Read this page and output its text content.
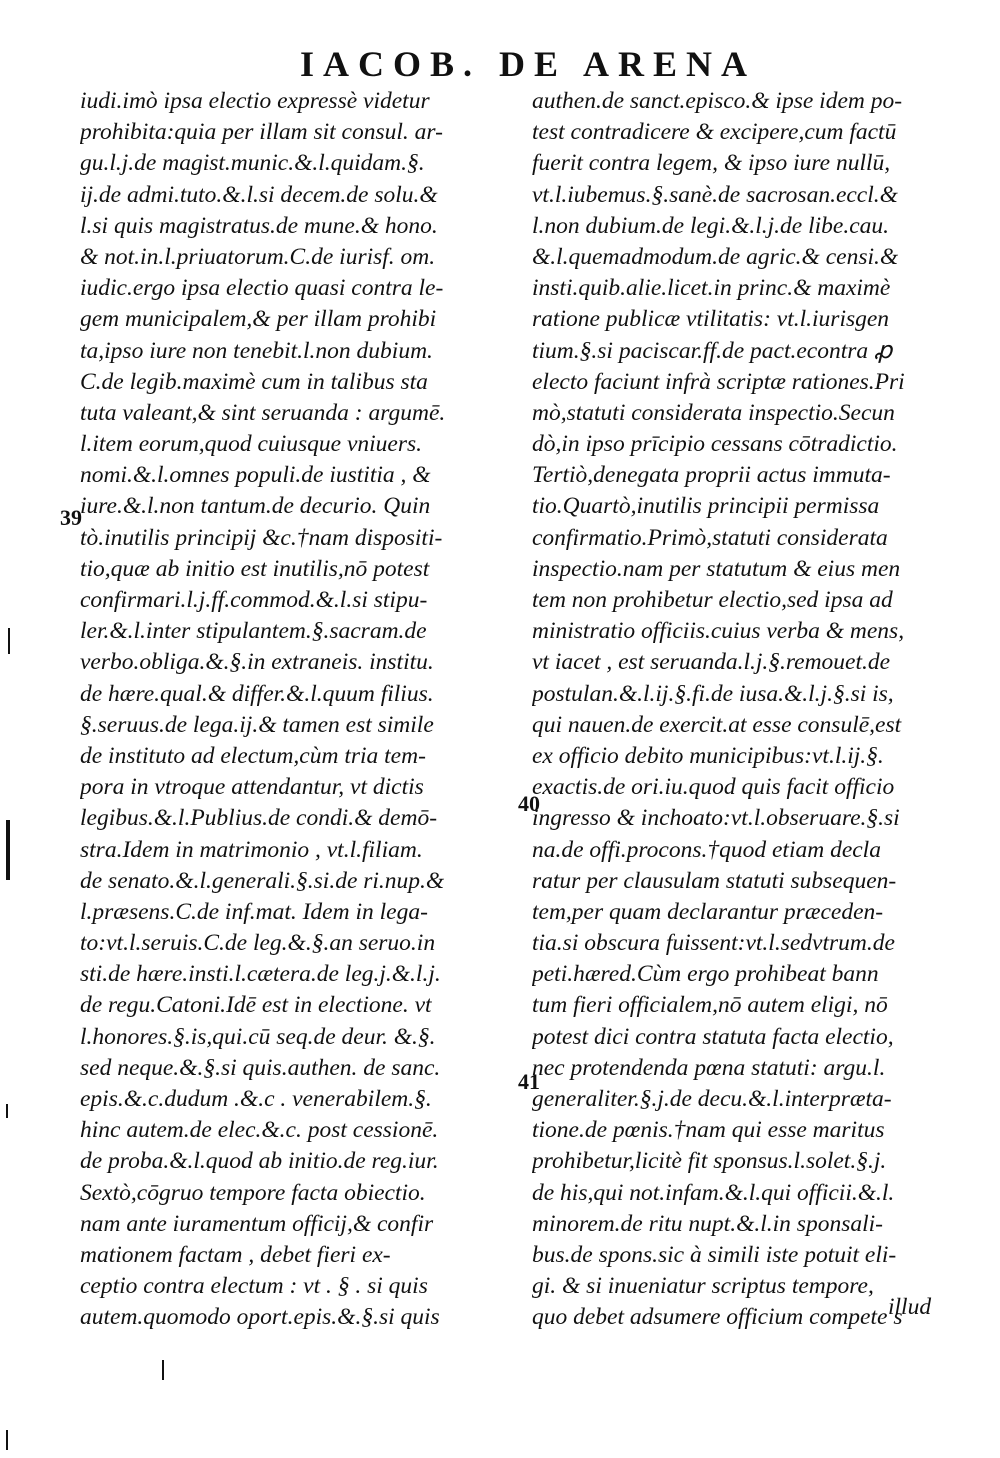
IACOB. DE ARENA
iudi.imò ipsa electio expressè videtur
prohibita:quia per illam sit consul. ar-
gu.l.j.de magist.munic.&.l.quidam.§.
ij.de admi.tuto.&.l.si decem.de solu.&
l.si quis magistratus.de mune.& hono.
& not.in.l.priuatorum.C.de iurisf. om.
iudic.ergo ipsa electio quasi contra le-
gem municipalem,& per illam prohibi
ta,ipso iure non tenebit.l.non dubium.
C.de legib.maximè cum in talibus sta
tuta valeant,& sint seruanda : argumē.
l.item eorum,quod cuiusque vniuers.
nomi.&.l.omnes populi.de iustitia , &
iure.&.l.non tantum.de decurio. Quin
tò.inutilis principij &c.†nam dispositi-
tio,quæ ab initio est inutilis,nō potest
confirmari.l.j.ff.commod.&.l.si stipu-
ler.&.l.inter stipulantem.§.sacram.de
verbo.obliga.&.§.in extraneis. institu.
de hære.qual.& differ.&.l.quum filius.
§.seruus.de lega.ij.& tamen est simile
de instituto ad electum,cùm tria tem-
pora in vtroque attendantur, vt dictis
legibus.&.l.Publius.de condi.& demō-
stra.Idem in matrimonio , vt.l.filiam.
de senato.&.l.generali.§.si.de ri.nup.&
l.præsens.C.de inf.mat. Idem in lega-
to:vt.l.seruis.C.de leg.&.§.an seruo.in
sti.de hære.insti.l.cætera.de leg.j.&.l.j.
de regu.Catoni.Idē est in electione. vt
l.honores.§.is,qui.cū seq.de deur. &.§.
sed neque.&.§.si quis.authen. de sanc.
epis.&.c.dudum .&.c . venerabilem.§.
hinc autem.de elec.&.c. post cessionē.
de proba.&.l.quod ab initio.de reg.iur.
Sextò,cōgruo tempore facta obiectio.
nam ante iuramentum officij,& confir
mationem factam , debet fieri ex-
ceptio contra electum : vt . § . si quis
autem.quomodo oport.epis.&.§.si quis
authen.de sanct.episco.& ipse idem po-
test contradicere & excipere,cum factū
fuerit contra legem, & ipso iure nullū,
vt.l.iubemus.§.sanè.de sacrosan.eccl.&
l.non dubium.de legi.&.l.j.de libe.cau.
&.l.quemadmodum.de agric.& censi.&
insti.quib.alie.licet.in princ.& maximè
ratione publicæ vtilitatis: vt.l.iurisgen
tium.§.si paciscar.ff.de pact.econtra ꝓ
electo faciunt infrà scriptæ rationes.Pri
mò,statuti considerata inspectio.Secun
dò,in ipso prīcipio cessans cōtradictio.
Tertiò,denegata proprii actus immuta-
tio.Quartò,inutilis principii permissa
confirmatio.Primò,statuti considerata
inspectio.nam per statutum & eius men
tem non prohibetur electio,sed ipsa ad
ministratio officiis.cuius verba & mens,
vt iacet , est seruanda.l.j.§.remouet.de
postulan.&.l.ij.§.fi.de iusa.&.l.j.§.si is,
qui nauen.de exercit.at esse consulē,est
ex officio debito municipibus:vt.l.ij.§.
exactis.de ori.iu.quod quis facit officio
ingresso & inchoato:vt.l.obseruare.§.si
na.de offi.procons.†quod etiam decla
ratur per clausulam statuti subsequen-
tem,per quam declarantur præceden-
tia.si obscura fuissent:vt.l.sedvtrum.de
peti.hæred.Cùm ergo prohibeat bann
tum fieri officialem,nō autem eligi, nō
potest dici contra statuta facta electio,
nec protendenda pœna statuti: argu.l.
generaliter.§.j.de decu.&.l.interpræta-
tione.de pœnis.†nam qui esse maritus
prohibetur,licitè fit sponsus.l.solet.§.j.
de his,qui not.infam.&.l.qui officii.&.l.
minorem.de ritu nupt.&.l.in sponsali-
bus.de spons.sic à simili iste potuit eli-
gi. & si inueniatur scriptus tempore,
quo debet adsumere officium compete s
39
40
41
illud
